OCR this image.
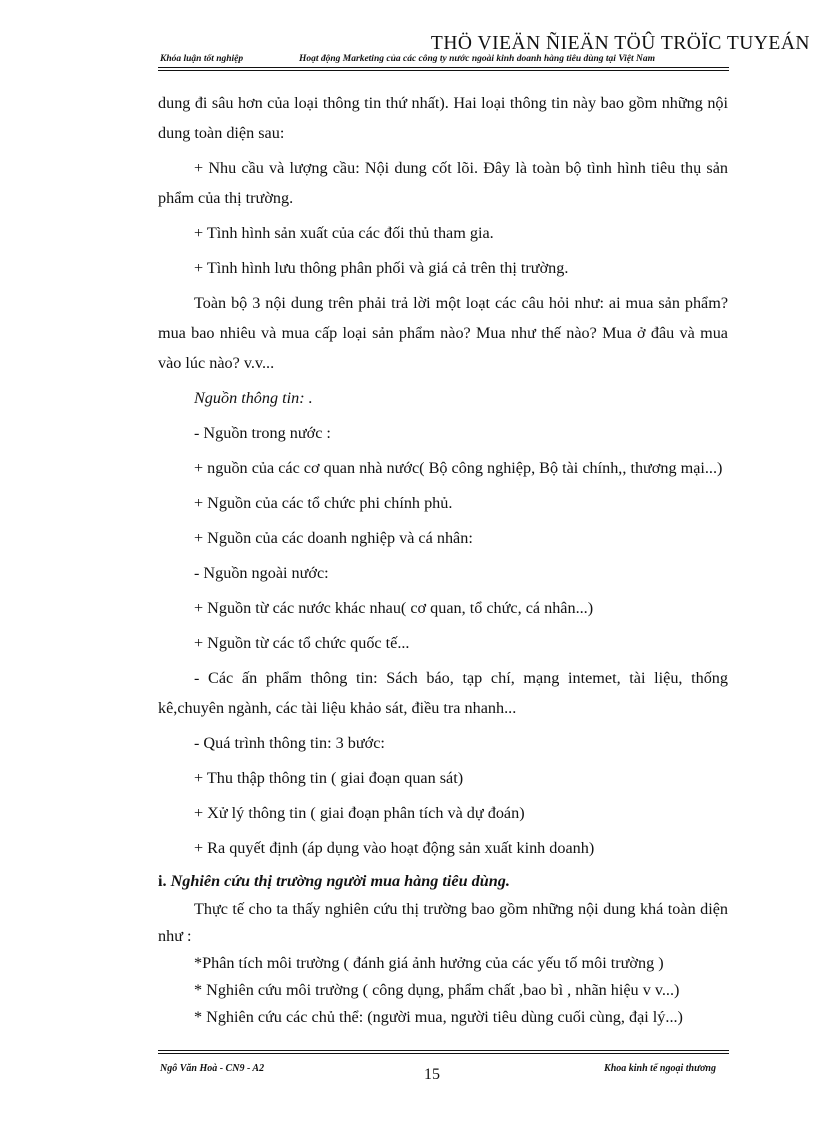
THÖ VIEÄN ÑIEÄN TÖÛ TRÖÏC TUYEÁN
Khóa luận tốt nghiệp	Hoạt động Marketing của các công ty nước ngoài kinh doanh hàng tiêu dùng tại Việt Nam

dung đi sâu hơn của loại thông tin thứ nhất). Hai loại thông tin này bao gồm những nội dung toàn diện sau:

+ Nhu cầu và lượng cầu: Nội dung cốt lõi. Đây là toàn bộ tình hình tiêu thụ sản phẩm của thị trường.

+ Tình hình sản xuất của các đối thủ tham gia.

+ Tình hình lưu thông phân phối và giá cả trên thị trường.

Toàn bộ 3 nội dung trên phải trả lời một loạt các câu hỏi như: ai mua sản phẩm? mua bao nhiêu và mua cấp loại sản phẩm nào? Mua như thế nào? Mua ở đâu và mua vào lúc nào? v.v...

Nguồn thông tin: .

- Nguồn trong nước :

+ nguồn của các cơ quan nhà nước( Bộ công nghiệp, Bộ tài chính,, thương mại...)

+ Nguồn của các tổ chức phi chính phủ.

+ Nguồn của các doanh nghiệp và cá nhân:

- Nguồn ngoài nước:

+ Nguồn từ các nước khác nhau( cơ quan, tổ chức, cá nhân...)

+ Nguồn từ các tổ chức quốc tế...

- Các ấn phẩm thông tin: Sách báo, tạp chí, mạng intemet, tài liệu, thống kê,chuyên ngành, các tài liệu khảo sát, điều tra nhanh...

- Quá trình thông tin: 3 bước:

+ Thu thập thông tin ( giai đoạn quan sát)

+ Xử lý thông tin ( giai đoạn phân tích và dự đoán)

+ Ra quyết định (áp dụng vào hoạt động sản xuất kinh doanh)

i. Nghiên cứu thị trường người mua hàng tiêu dùng.

Thực tế cho ta thấy nghiên cứu thị trường bao gồm những nội dung khá toàn diện như :

*Phân tích môi trường ( đánh giá ảnh hưởng của các yếu tố môi trường )

* Nghiên cứu môi trường ( công dụng, phẩm chất ,bao bì , nhãn hiệu v v...)

* Nghiên cứu các chủ thể: (người mua, người tiêu dùng cuối cùng, đại lý...)

Ngô Văn Hoà - CN9 - A2	15	Khoa kinh tế ngoại thương
